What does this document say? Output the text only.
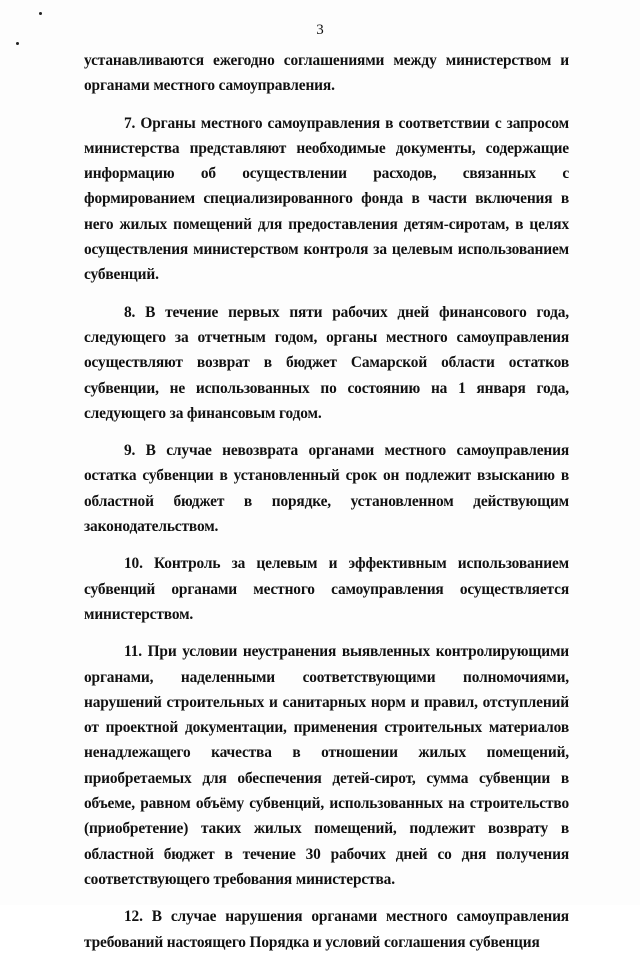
3

устанавливаются ежегодно соглашениями между министерством и органами местного самоуправления.

7. Органы местного самоуправления в соответствии с запросом министерства представляют необходимые документы, содержащие информацию об осуществлении расходов, связанных с формированием специализированного фонда в части включения в него жилых помещений для предоставления детям-сиротам, в целях осуществления министерством контроля за целевым использованием субвенций.

8. В течение первых пяти рабочих дней финансового года, следующего за отчетным годом, органы местного самоуправления осуществляют возврат в бюджет Самарской области остатков субвенции, не использованных по состоянию на 1 января года, следующего за финансовым годом.

9. В случае невозврата органами местного самоуправления остатка субвенции в установленный срок он подлежит взысканию в областной бюджет в порядке, установленном действующим законодательством.

10. Контроль за целевым и эффективным использованием субвенций органами местного самоуправления осуществляется министерством.

11. При условии неустранения выявленных контролирующими органами, наделенными соответствующими полномочиями, нарушений строительных и санитарных норм и правил, отступлений от проектной документации, применения строительных материалов ненадлежащего качества в отношении жилых помещений, приобретаемых для обеспечения детей-сирот, сумма субвенции в объеме, равном объёму субвенций, использованных на строительство (приобретение) таких жилых помещений, подлежит возврату в областной бюджет в течение 30 рабочих дней со дня получения соответствующего требования министерства.

12. В случае нарушения органами местного самоуправления требований настоящего Порядка и условий соглашения субвенция
